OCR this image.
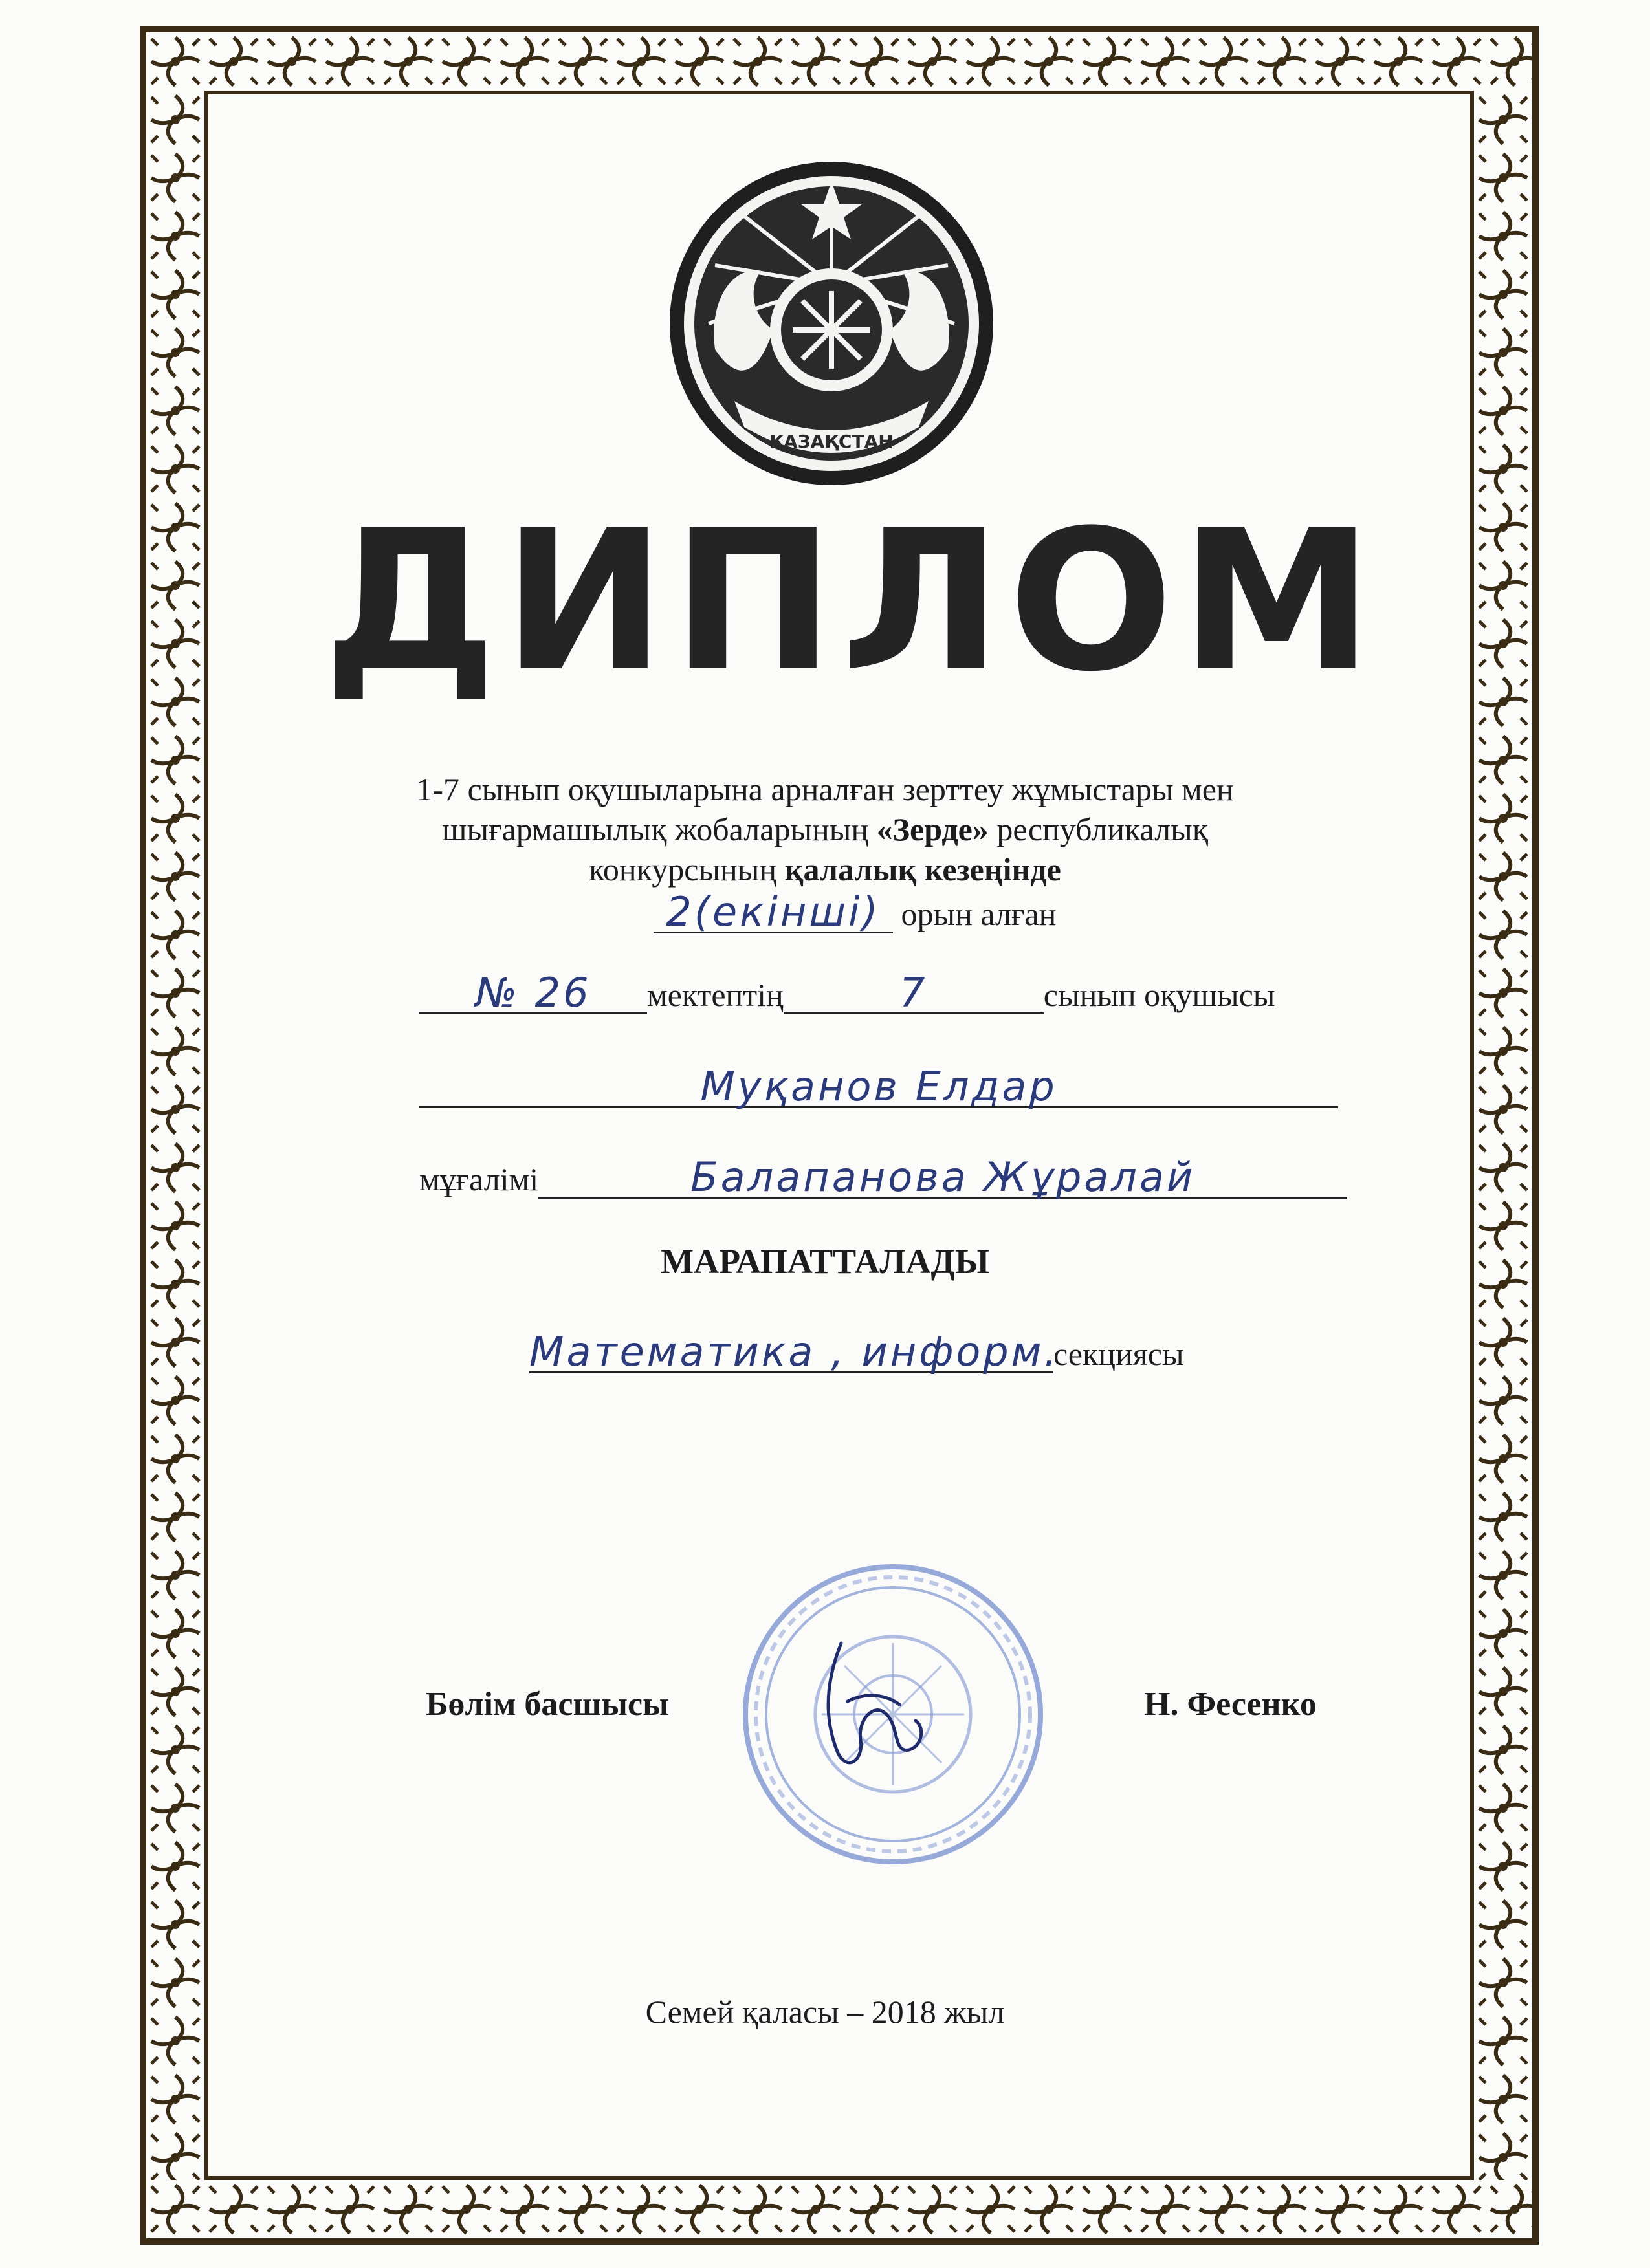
ҚАЗАҚСТАН
ДИПЛОМ
1-7 сынып оқушыларына арналған зерттеу жұмыстары мен
шығармашылық жобаларының «Зерде» республикалық
конкурсының қалалық кезеңінде
2(екінші) орын алған
№ 26 мектептің	7	сынып оқушысы
Муқанов Елдар
мұғалімі	Балапанова Жұралай
МАРАПАТТАЛАДЫ
Математика , информ.секциясы
Бөлім басшысы	Н. Фесенко
Семей қаласы – 2018 жыл
